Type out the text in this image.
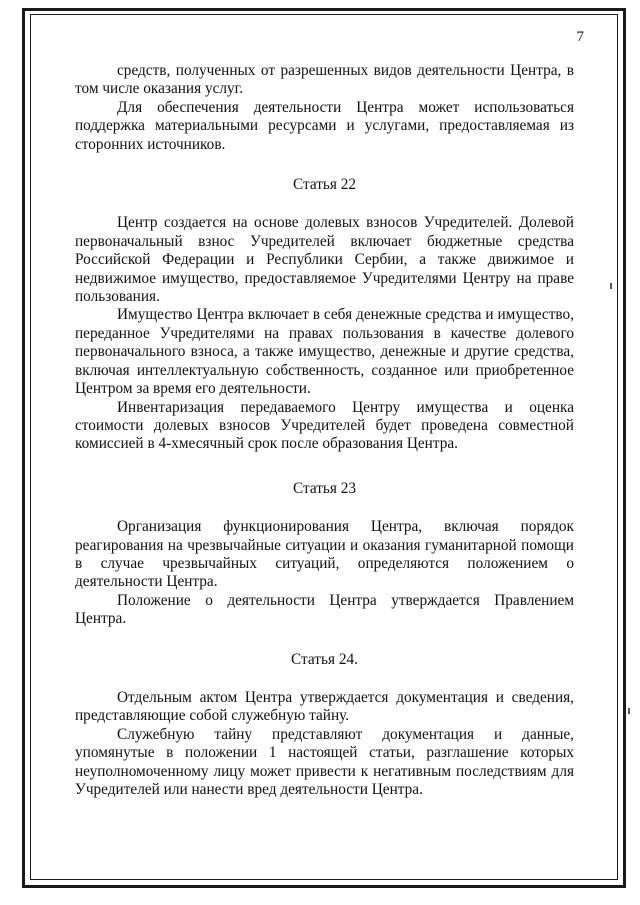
7

средств, полученных от разрешенных видов деятельности Центра, в том числе оказания услуг.

Для обеспечения деятельности Центра может использоваться поддержка материальными ресурсами и услугами, предоставляемая из сторонних источников.

Статья 22

Центр создается на основе долевых взносов Учредителей. Долевой первоначальный взнос Учредителей включает бюджетные средства Российской Федерации и Республики Сербии, а также движимое и недвижимое имущество, предоставляемое Учредителями Центру на праве пользования.

Имущество Центра включает в себя денежные средства и имущество, переданное Учредителями на правах пользования в качестве долевого первоначального взноса, а также имущество, денежные и другие средства, включая интеллектуальную собственность, созданное или приобретенное Центром за время его деятельности.

Инвентаризация передаваемого Центру имущества и оценка стоимости долевых взносов Учредителей будет проведена совместной комиссией в 4-хмесячный срок после образования Центра.

Статья 23

Организация функционирования Центра, включая порядок реагирования на чрезвычайные ситуации и оказания гуманитарной помощи в случае чрезвычайных ситуаций, определяются положением о деятельности Центра.

Положение о деятельности Центра утверждается Правлением Центра.

Статья 24.

Отдельным актом Центра утверждается документация и сведения, представляющие собой служебную тайну.

Служебную тайну представляют документация и данные, упомянутые в положении 1 настоящей статьи, разглашение которых неуполномоченному лицу может привести к негативным последствиям для Учредителей или нанести вред деятельности Центра.
